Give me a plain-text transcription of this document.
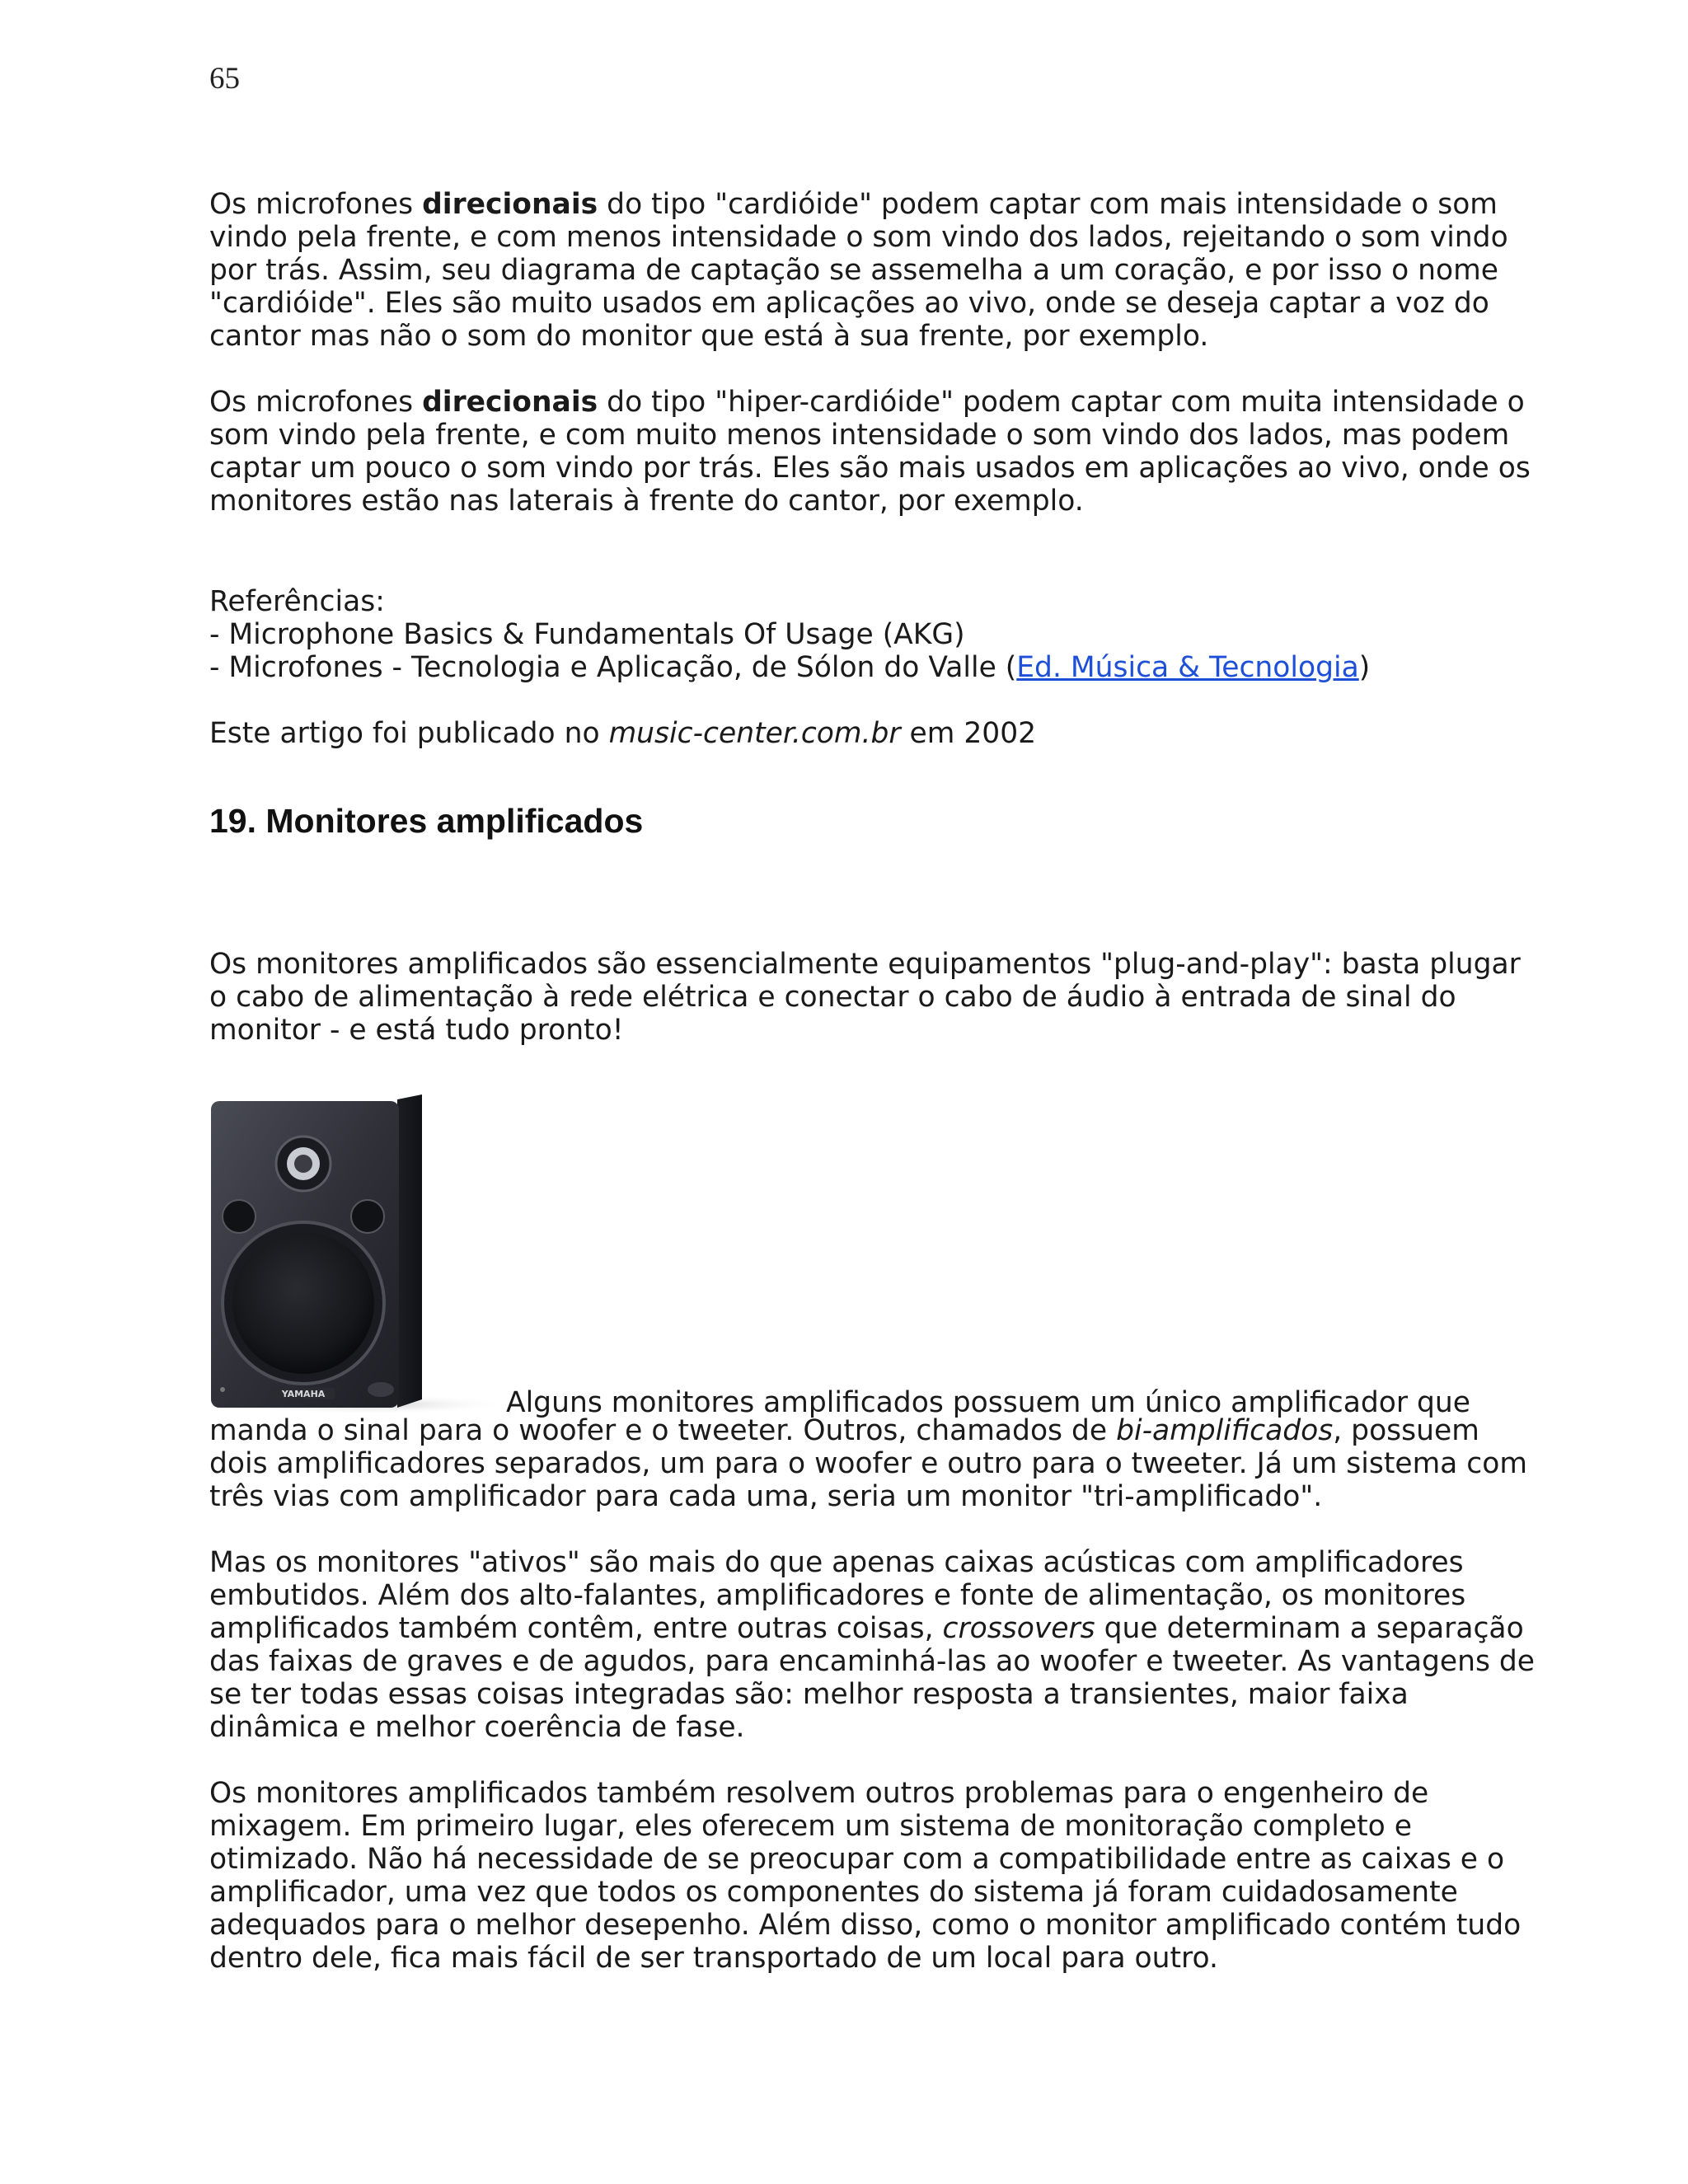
65

Os microfones direcionais do tipo "cardióide" podem captar com mais intensidade o som vindo pela frente, e com menos intensidade o som vindo dos lados, rejeitando o som vindo por trás. Assim, seu diagrama de captação se assemelha a um coração, e por isso o nome "cardióide". Eles são muito usados em aplicações ao vivo, onde se deseja captar a voz do cantor mas não o som do monitor que está à sua frente, por exemplo.

Os microfones direcionais do tipo "hiper-cardióide" podem captar com muita intensidade o som vindo pela frente, e com muito menos intensidade o som vindo dos lados, mas podem captar um pouco o som vindo por trás. Eles são mais usados em aplicações ao vivo, onde os monitores estão nas laterais à frente do cantor, por exemplo.

Referências:
- Microphone Basics & Fundamentals Of Usage (AKG)
- Microfones - Tecnologia e Aplicação, de Sólon do Valle (Ed. Música & Tecnologia)

Este artigo foi publicado no music-center.com.br em 2002

19. Monitores amplificados

Os monitores amplificados são essencialmente equipamentos "plug-and-play": basta plugar o cabo de alimentação à rede elétrica e conectar o cabo de áudio à entrada de sinal do monitor - e está tudo pronto!

YAMAHA	Alguns monitores amplificados possuem um único amplificador que

manda o sinal para o woofer e o tweeter. Outros, chamados de bi-amplificados, possuem dois amplificadores separados, um para o woofer e outro para o tweeter. Já um sistema com três vias com amplificador para cada uma, seria um monitor "tri-amplificado".

Mas os monitores "ativos" são mais do que apenas caixas acústicas com amplificadores embutidos. Além dos alto-falantes, amplificadores e fonte de alimentação, os monitores amplificados também contêm, entre outras coisas, crossovers que determinam a separação das faixas de graves e de agudos, para encaminhá-las ao woofer e tweeter. As vantagens de se ter todas essas coisas integradas são: melhor resposta a transientes, maior faixa dinâmica e melhor coerência de fase.

Os monitores amplificados também resolvem outros problemas para o engenheiro de mixagem. Em primeiro lugar, eles oferecem um sistema de monitoração completo e otimizado. Não há necessidade de se preocupar com a compatibilidade entre as caixas e o amplificador, uma vez que todos os componentes do sistema já foram cuidadosamente adequados para o melhor desepenho. Além disso, como o monitor amplificado contém tudo dentro dele, fica mais fácil de ser transportado de um local para outro.
